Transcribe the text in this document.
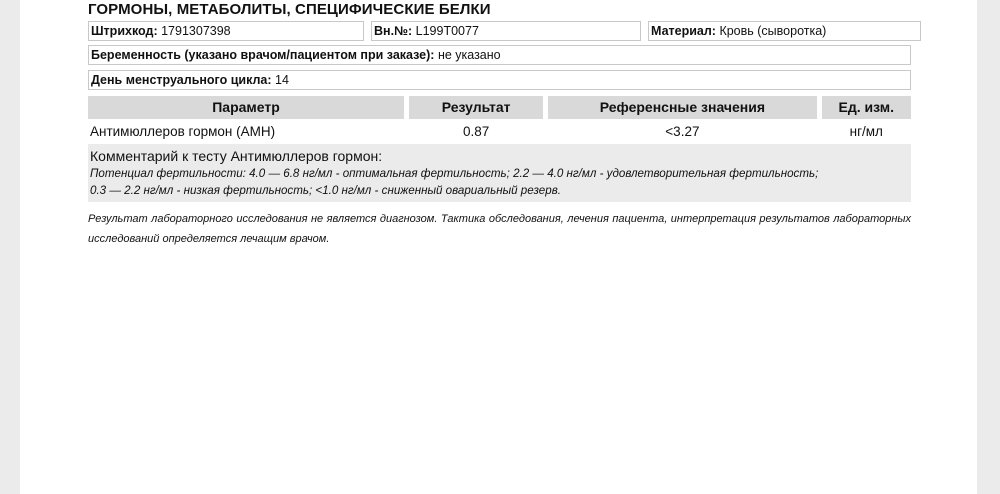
ГОРМОНЫ, МЕТАБОЛИТЫ, СПЕЦИФИЧЕСКИЕ БЕЛКИ
Штрихкод: 1791307398	Вн.№: L199T0077	Материал: Кровь (сыворотка)
Беременность (указано врачом/пациентом при заказе): не указано
День менструального цикла: 14
Параметр	Результат	Референсные значения	Ед. изм.
Антимюллеров гормон (АМН)	0.87	<3.27	нг/мл
Комментарий к тесту Антимюллеров гормон:
Потенциал фертильности: 4.0 — 6.8 нг/мл - оптимальная фертильность; 2.2 — 4.0 нг/мл - удовлетворительная фертильность;
0.3 — 2.2 нг/мл - низкая фертильность; <1.0 нг/мл - сниженный овариальный резерв.
Результат лабораторного исследования не является диагнозом. Тактика обследования, лечения пациента, интерпретация результатов лабораторных исследований определяется лечащим врачом.
